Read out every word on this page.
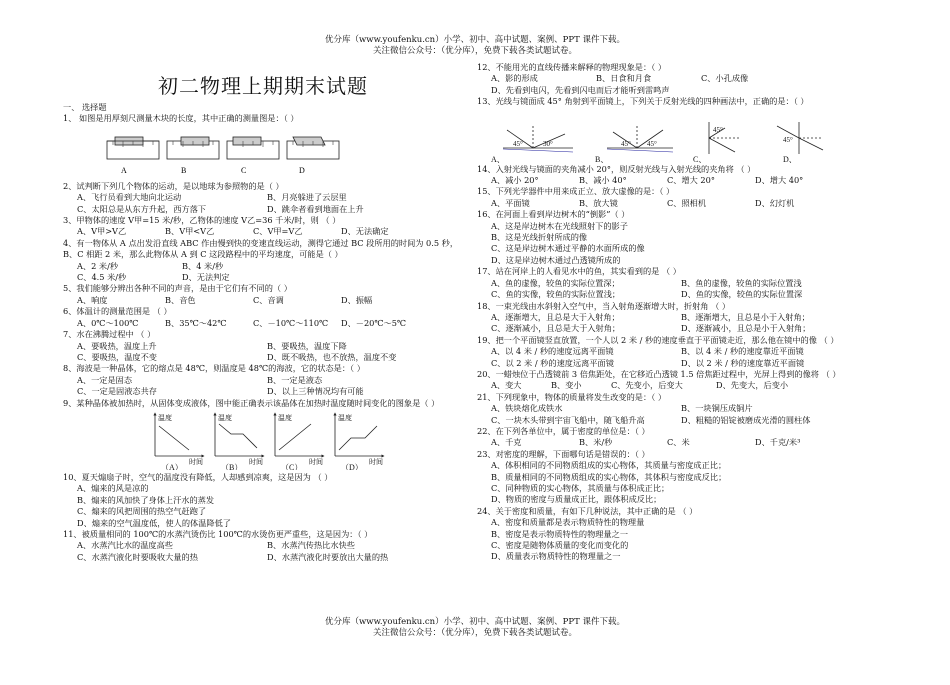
优分库（www.youfenku.cn）小学、初中、高中试题、案例、PPT 课件下载。
关注微信公众号：（优分库），免费下载各类试题试卷。
初二物理上期期末试题
一、 选择题
1、 如图是用厚刻尺测量木块的长度，其中正确的测量图是：（ ）
A	B	C	D
2、试判断下列几个物体的运动，是以地球为参照物的是（ ）
A、飞行员看到大地向北运动	B、月亮躲进了云层里
C、太阳总是从东方升起，西方落下	D、跳伞者看到地面在上升
3、甲物体的速度 V甲=15 米/秒，乙物体的速度 V乙=36 千米/时，则 （ ）
A、V甲>V乙	B、V甲<V乙	C、V甲=V乙	D、无法确定
4、有一物体从 A 点出发沿直线 ABC 作由慢到快的变速直线运动，测得它通过 BC 段所用的时间为 0.5 秒，B、C 相距 2 米，那么此物体从 A 到 C 这段路程中的平均速度，可能是（ ）
A、2 米/秒	B、4 米/秒
C、4.5 米/秒	D、无法判定
5、我们能够分辨出各种不同的声音，是由于它们有不同的（ ）
A、响度	B、音色	C、音调	D、振幅
6、体温计的测量范围是 （ ）
A、0℃～100℃	B、35℃～42℃	C、－10℃～110℃ D、－20℃～5℃
7、水在沸腾过程中 （ ）
A、要吸热，温度上升	B、要吸热，温度下降
C、要吸热，温度不变	D、既不吸热，也不放热，温度不变
8、海波是一种晶体，它的熔点是 48℃，则温度是 48℃的海波，它的状态是：（ ）
A、一定是固态	B、一定是液态
C、一定是固液态共存	D、以上三种情况均有可能
9、某种晶体被加热时，从固体变成液体，图中能正确表示该晶体在加热时温度随时间变化的图象是（ ）
温度	温度	温度	温度
时间	时间	时间	时间
（A）	（B）	（C）	（D）
10、夏天煽扇子时，空气的温度没有降低，人却感到凉爽，这是因为 （ ）
A、煽来的风是凉的
B、煽来的风加快了身体上汗水的蒸发
C、煽来的风把周围的热空气赶跑了
D、煽来的空气温度低，使人的体温降低了
11、被质量相同的 100℃的水蒸汽烫伤比 100℃的水烫伤更严重些，这是因为：（ ）
A、水蒸汽比水的温度高些	B、水蒸汽传热比水快些
C、水蒸汽液化时要吸收大量的热	D、水蒸汽液化时要放出大量的热
12、不能用光的直线传播来解释的物理现象是：（ ）
A、影的形成	B、日食和月食	C、小孔成像
D、先看到电闪，先看到闪电而后才能听到雷鸣声
13、光线与镜面成 45° 角射到平面镜上，下列关于反射光线的四种画法中，正确的是：（ ）
45°	30°	45° 45°
45°
45°
A、	B、	C、	D、
14、入射光线与镜面的夹角减小 20°，则反射光线与入射光线的夹角将 （ ）
A、减小 20°	B、减小 40°	C、增大 20°	D、增大 40°
15、下列光学器件中用来成正立、放大虚像的是：（ ）
A、平面镜	B、放大镜	C、照相机	D、幻灯机
16、在河面上看到岸边树木的“倒影”（ ）
A、这是岸边树木在光线照射下的影子
B、这是光线折射所成的像
C、这是岸边树木通过平静的水面所成的像
D、这是岸边树木通过凸透镜所成的
17、站在河岸上的人看见水中的鱼，其实看到的是 （ ）
A、鱼的虚像，较鱼的实际位置深；	B、鱼的虚像，较鱼的实际位置浅
C、鱼的实像，较鱼的实际位置浅；	D、鱼的实像，较鱼的实际位置深
18、一束光线由水斜射入空气中，当入射角逐渐增大时，折射角 （ ）
A、逐渐增大，且总是大于入射角；	B、逐渐增大，且总是小于入射角；
C、逐渐减小，且总是大于入射角；	D、逐渐减小，且总是小于入射角；
19、把一个平面镜竖直放置，一个人以 2 米 / 秒的速度垂直于平面镜走近，那么他在镜中的像 （ ）
A、以 4 米 / 秒的速度远离平面镜	B、以 4 米 / 秒的速度靠近平面镜
C、以 2 米 / 秒的速度远离平面镜	D、以 2 米 / 秒的速度靠近平面镜
20、一蜡烛位于凸透镜前 3 倍焦距处，在它移近凸透镜 1.5 倍焦距过程中，光屏上得到的像将 （ ）
A、变大	B、变小	C、先变小，后变大	D、先变大，后变小
21、下列现象中，物体的质量将发生改变的是：（ ）
A、铁块熔化成铁水	B、一块铜压成铜片
C、一块木头带到宇宙飞船中，随飞船升高	D、粗糙的铝锭被磨成光滑的圆柱体
22、在下列各单位中，属于密度的单位是：（ ）
A、千克	B、米/秒	C、米	D、千克/米³
23、对密度的理解，下面哪句话是错误的：（ ）
A、体积相同的不同物质组成的实心物体，其质量与密度成正比；
B、质量相同的不同物质组成的实心物体，其体积与密度成反比；
C、同种物质的实心物体，其质量与体积成正比；
D、物质的密度与质量成正比，跟体积成反比；
24、关于密度和质量，有如下几种说法，其中正确的是 （ ）
A、密度和质量都是表示物质特性的物理量
B、密度是表示物质特性的物理量之一
C、密度是随物体质量的变化而变化的
D、质量表示物质特性的物理量之一
优分库（www.youfenku.cn）小学、初中、高中试题、案例、PPT 课件下载。
关注微信公众号：（优分库），免费下载各类试题试卷。
